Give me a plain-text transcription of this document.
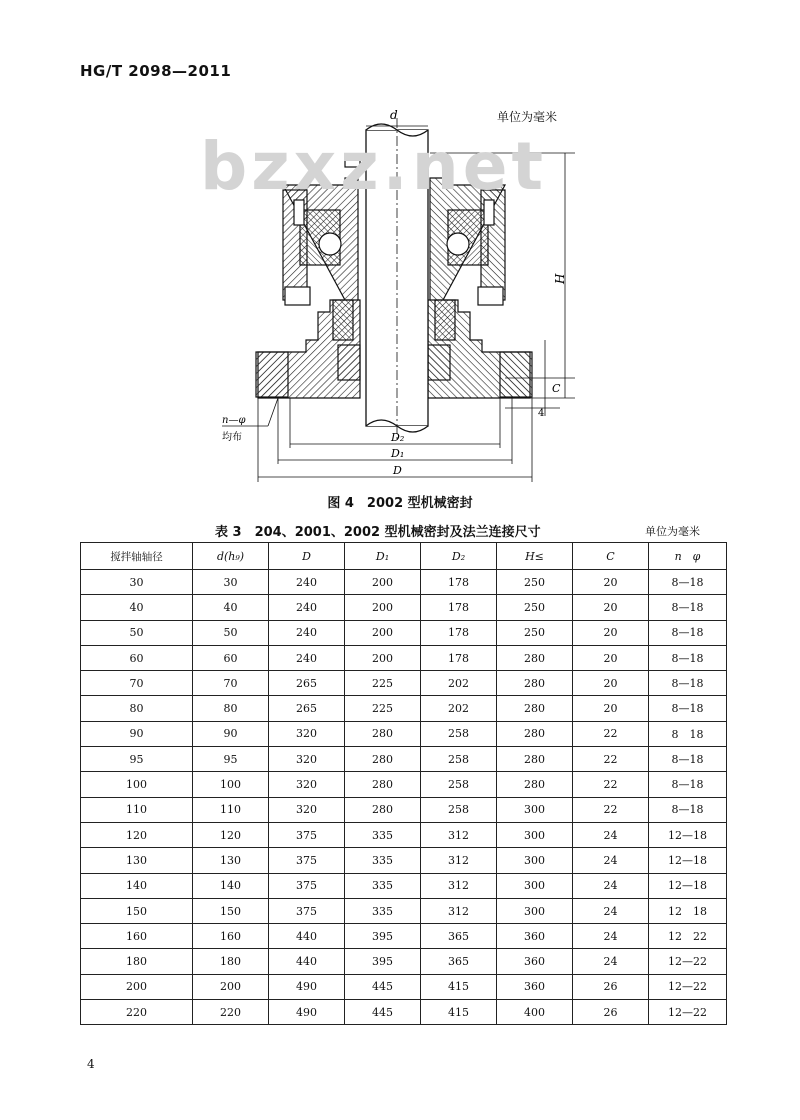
HG/T 2098—2011
单位为毫米
d
H
C
4
D₂
D₁
D
n—φ
均布
bzxz.net
图 4　2002 型机械密封
表 3　204、2001、2002 型机械密封及法兰连接尺寸	单位为毫米
搅拌轴轴径	d(h₉)	D	D₁	D₂	H≤	C	n　φ
30	30	240	200	178	250	20	8—18
40	40	240	200	178	250	20	8—18
50	50	240	200	178	250	20	8—18
60	60	240	200	178	280	20	8—18
70	70	265	225	202	280	20	8—18
80	80	265	225	202	280	20	8—18
90	90	320	280	258	280	22	8　18
95	95	320	280	258	280	22	8—18
100	100	320	280	258	280	22	8—18
110	110	320	280	258	300	22	8—18
120	120	375	335	312	300	24	12—18
130	130	375	335	312	300	24	12—18
140	140	375	335	312	300	24	12—18
150	150	375	335	312	300	24	12　18
160	160	440	395	365	360	24	12　22
180	180	440	395	365	360	24	12—22
200	200	490	445	415	360	26	12—22
220	220	490	445	415	400	26	12—22
4
